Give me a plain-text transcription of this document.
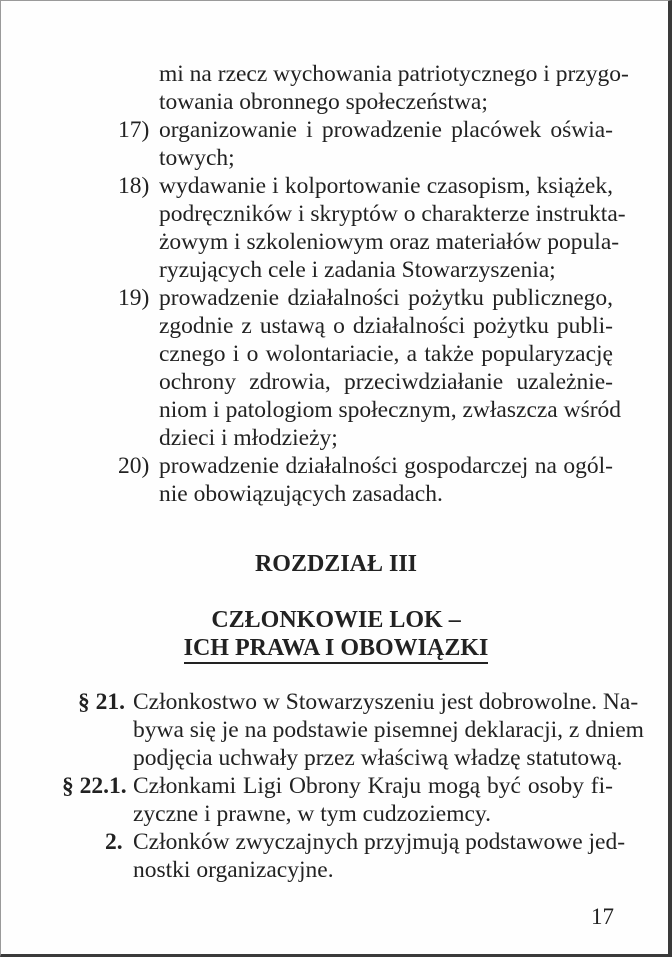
mi na rzecz wychowania patriotycznego i przygo-
towania obronnego społeczeństwa;
17) organizowanie i prowadzenie placówek oświa-
towych;
18) wydawanie i kolportowanie czasopism, książek,
podręczników i skryptów o charakterze instrukta-
żowym i szkoleniowym oraz materiałów popula-
ryzujących cele i zadania Stowarzyszenia;
19) prowadzenie działalności pożytku publicznego,
zgodnie z ustawą o działalności pożytku publi-
cznego i o wolontariacie, a także popularyzację
ochrony zdrowia, przeciwdziałanie uzależnie-
niom i patologiom społecznym, zwłaszcza wśród
dzieci i młodzieży;
20) prowadzenie działalności gospodarczej na ogól-
nie obowiązujących zasadach.
ROZDZIAŁ III
CZŁONKOWIE LOK –
ICH PRAWA I OBOWIĄZKI
§ 21. Członkostwo w Stowarzyszeniu jest dobrowolne. Na-
bywa się je na podstawie pisemnej deklaracji, z dniem
podjęcia uchwały przez właściwą władzę statutową.
§ 22.1. Członkami Ligi Obrony Kraju mogą być osoby fi-
zyczne i prawne, w tym cudzoziemcy.
2. Członków zwyczajnych przyjmują podstawowe jed-
nostki organizacyjne.
17
